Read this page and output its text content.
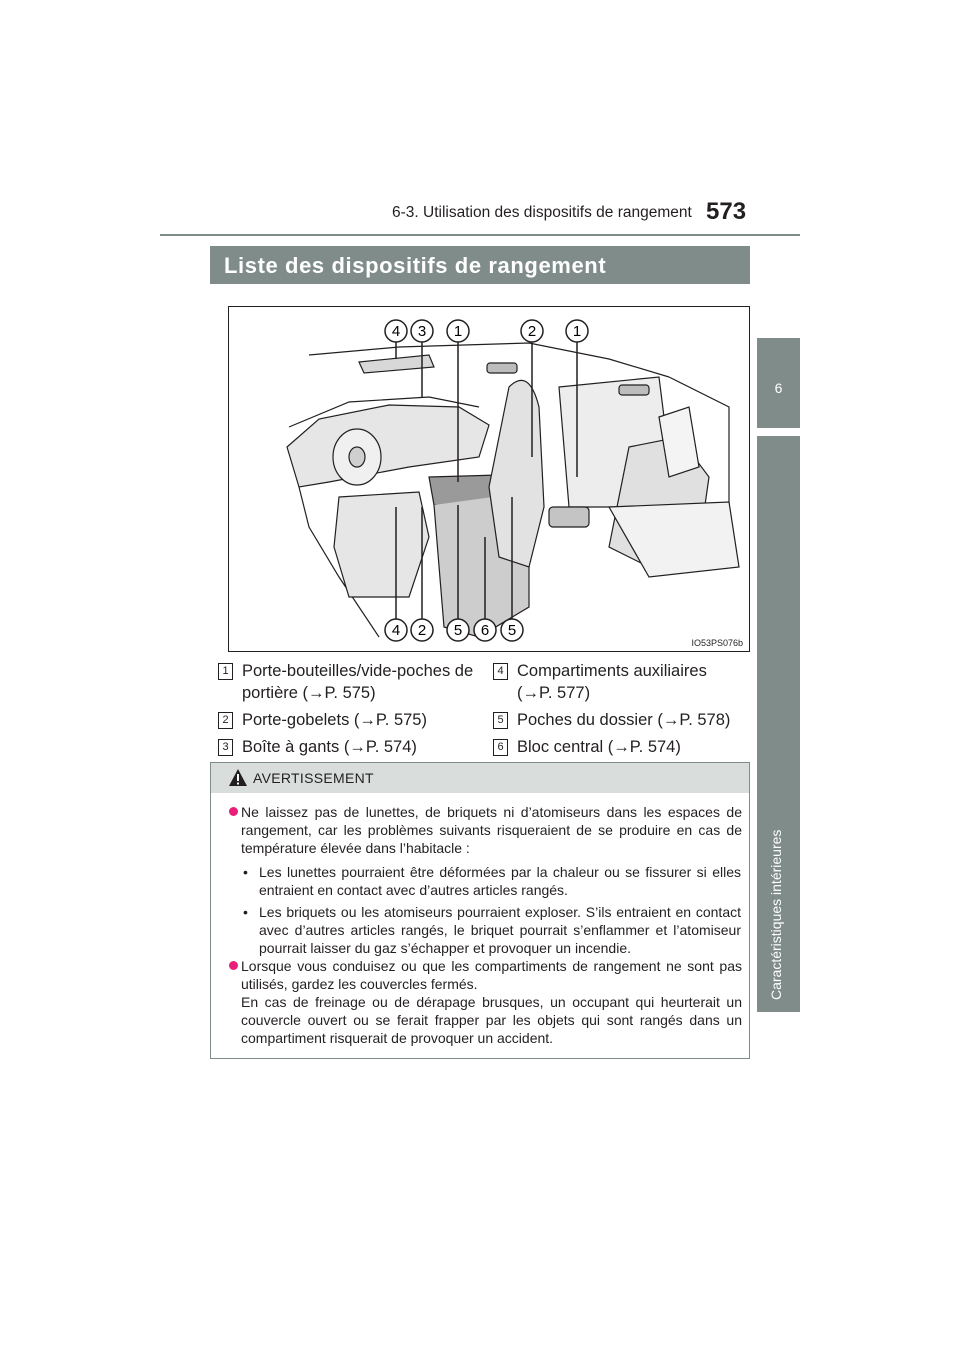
6-3. Utilisation des dispositifs de rangement 573
6
Caractéristiques intérieures
Liste des dispositifs de rangement
4 3 1	2 1
4 2 5 6 5
IO53PS076b
1 Porte-bouteilles/vide-poches de
portière (→P. 575)
2 Porte-gobelets (→P. 575)
3 Boîte à gants (→P. 574)
4 Compartiments auxiliaires
(→P. 577)
5 Poches du dossier (→P. 578)
6 Bloc central (→P. 574)
AVERTISSEMENT
Ne laissez pas de lunettes, de briquets ni d’atomiseurs dans les espaces de rangement, car les problèmes suivants risqueraient de se produire en cas de température élevée dans l’habitacle :
• Les lunettes pourraient être déformées par la chaleur ou se fissurer si elles entraient en contact avec d’autres articles rangés.
• Les briquets ou les atomiseurs pourraient exploser. S’ils entraient en contact avec d’autres articles rangés, le briquet pourrait s’enflammer et l’atomiseur pourrait laisser du gaz s’échapper et provoquer un incendie.
Lorsque vous conduisez ou que les compartiments de rangement ne sont pas utilisés, gardez les couvercles fermés.
En cas de freinage ou de dérapage brusques, un occupant qui heurterait un couvercle ouvert ou se ferait frapper par les objets qui sont rangés dans un compartiment risquerait de provoquer un accident.
